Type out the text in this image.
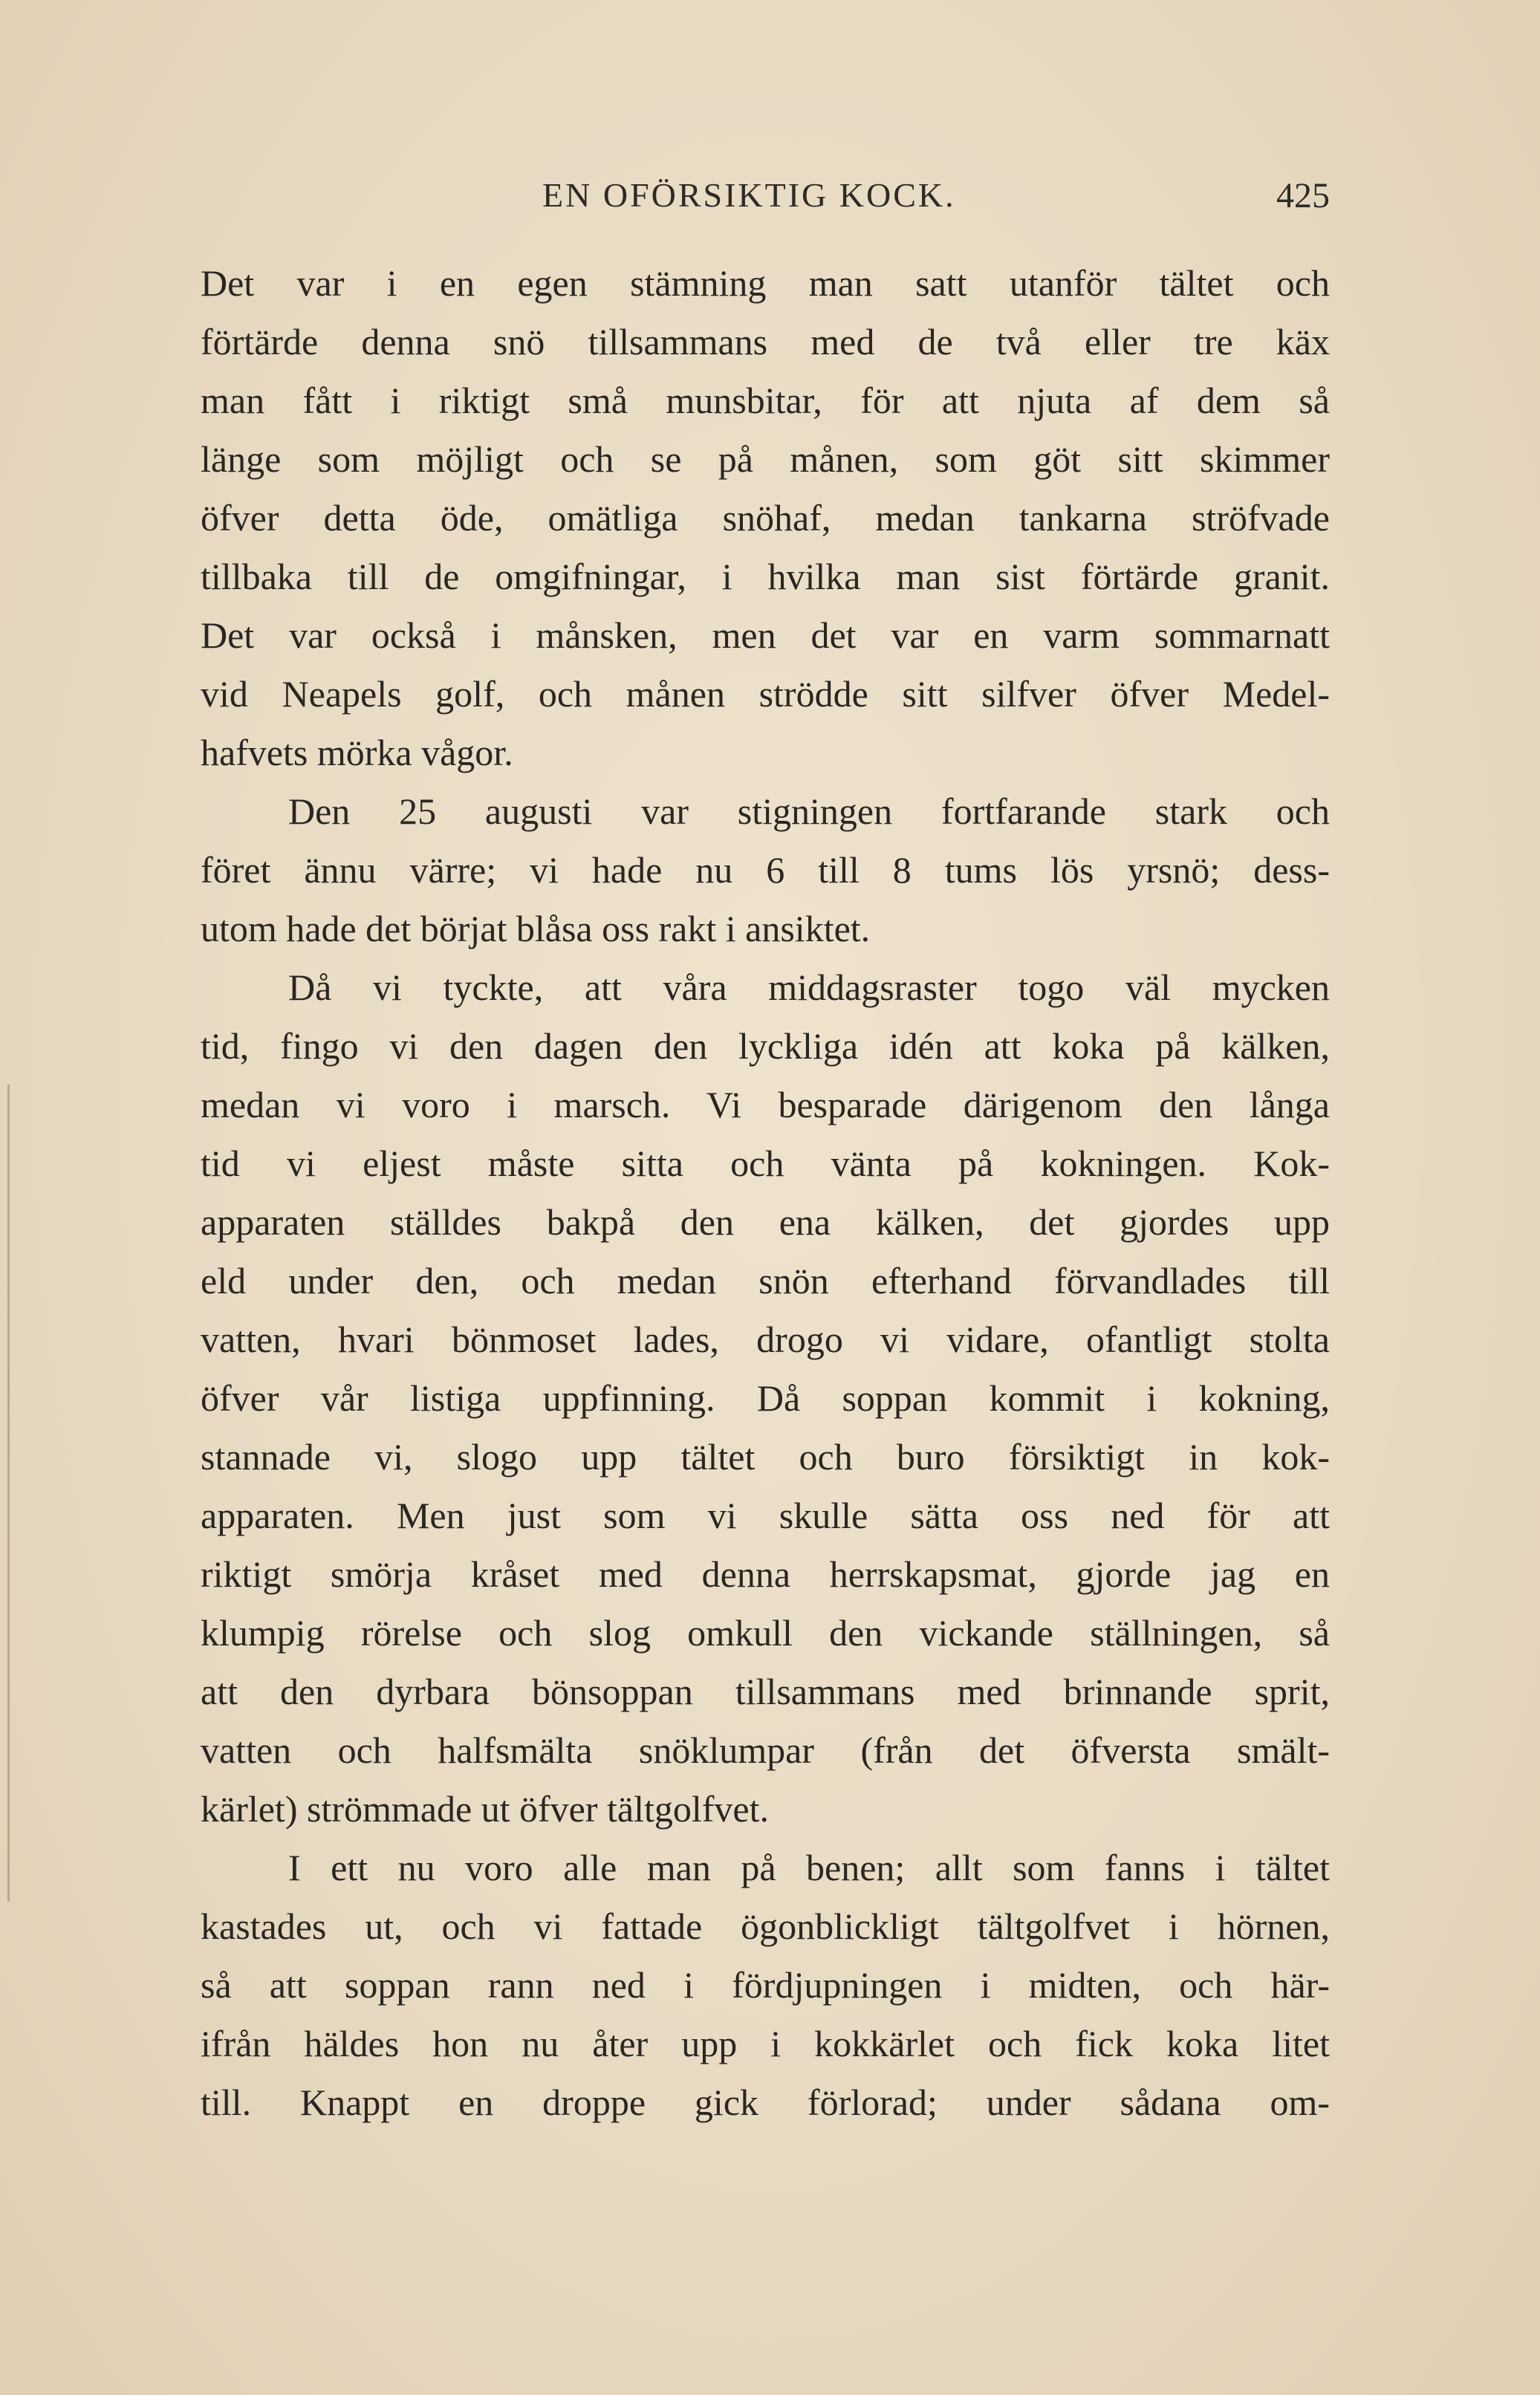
EN OFÖRSIKTIG KOCK.	425
Det var i en egen stämning man satt utanför tältet och
förtärde denna snö tillsammans med de två eller tre käx
man fått i riktigt små munsbitar, för att njuta af dem så
länge som möjligt och se på månen, som göt sitt skimmer
öfver detta öde, omätliga snöhaf, medan tankarna ströfvade
tillbaka till de omgifningar, i hvilka man sist förtärde granit.
Det var också i månsken, men det var en varm sommarnatt
vid Neapels golf, och månen strödde sitt silfver öfver Medel-
hafvets mörka vågor.
Den 25 augusti var stigningen fortfarande stark och
föret ännu värre; vi hade nu 6 till 8 tums lös yrsnö; dess-
utom hade det börjat blåsa oss rakt i ansiktet.
Då vi tyckte, att våra middagsraster togo väl mycken
tid, fingo vi den dagen den lyckliga idén att koka på kälken,
medan vi voro i marsch. Vi besparade därigenom den långa
tid vi eljest måste sitta och vänta på kokningen. Kok-
apparaten ställdes bakpå den ena kälken, det gjordes upp
eld under den, och medan snön efterhand förvandlades till
vatten, hvari bönmoset lades, drogo vi vidare, ofantligt stolta
öfver vår listiga uppfinning. Då soppan kommit i kokning,
stannade vi, slogo upp tältet och buro försiktigt in kok-
apparaten. Men just som vi skulle sätta oss ned för att
riktigt smörja kråset med denna herrskapsmat, gjorde jag en
klumpig rörelse och slog omkull den vickande ställningen, så
att den dyrbara bönsoppan tillsammans med brinnande sprit,
vatten och halfsmälta snöklumpar (från det öfversta smält-
kärlet) strömmade ut öfver tältgolfvet.
I ett nu voro alle man på benen; allt som fanns i tältet
kastades ut, och vi fattade ögonblickligt tältgolfvet i hörnen,
så att soppan rann ned i fördjupningen i midten, och här-
ifrån häldes hon nu åter upp i kokkärlet och fick koka litet
till. Knappt en droppe gick förlorad; under sådana om-
